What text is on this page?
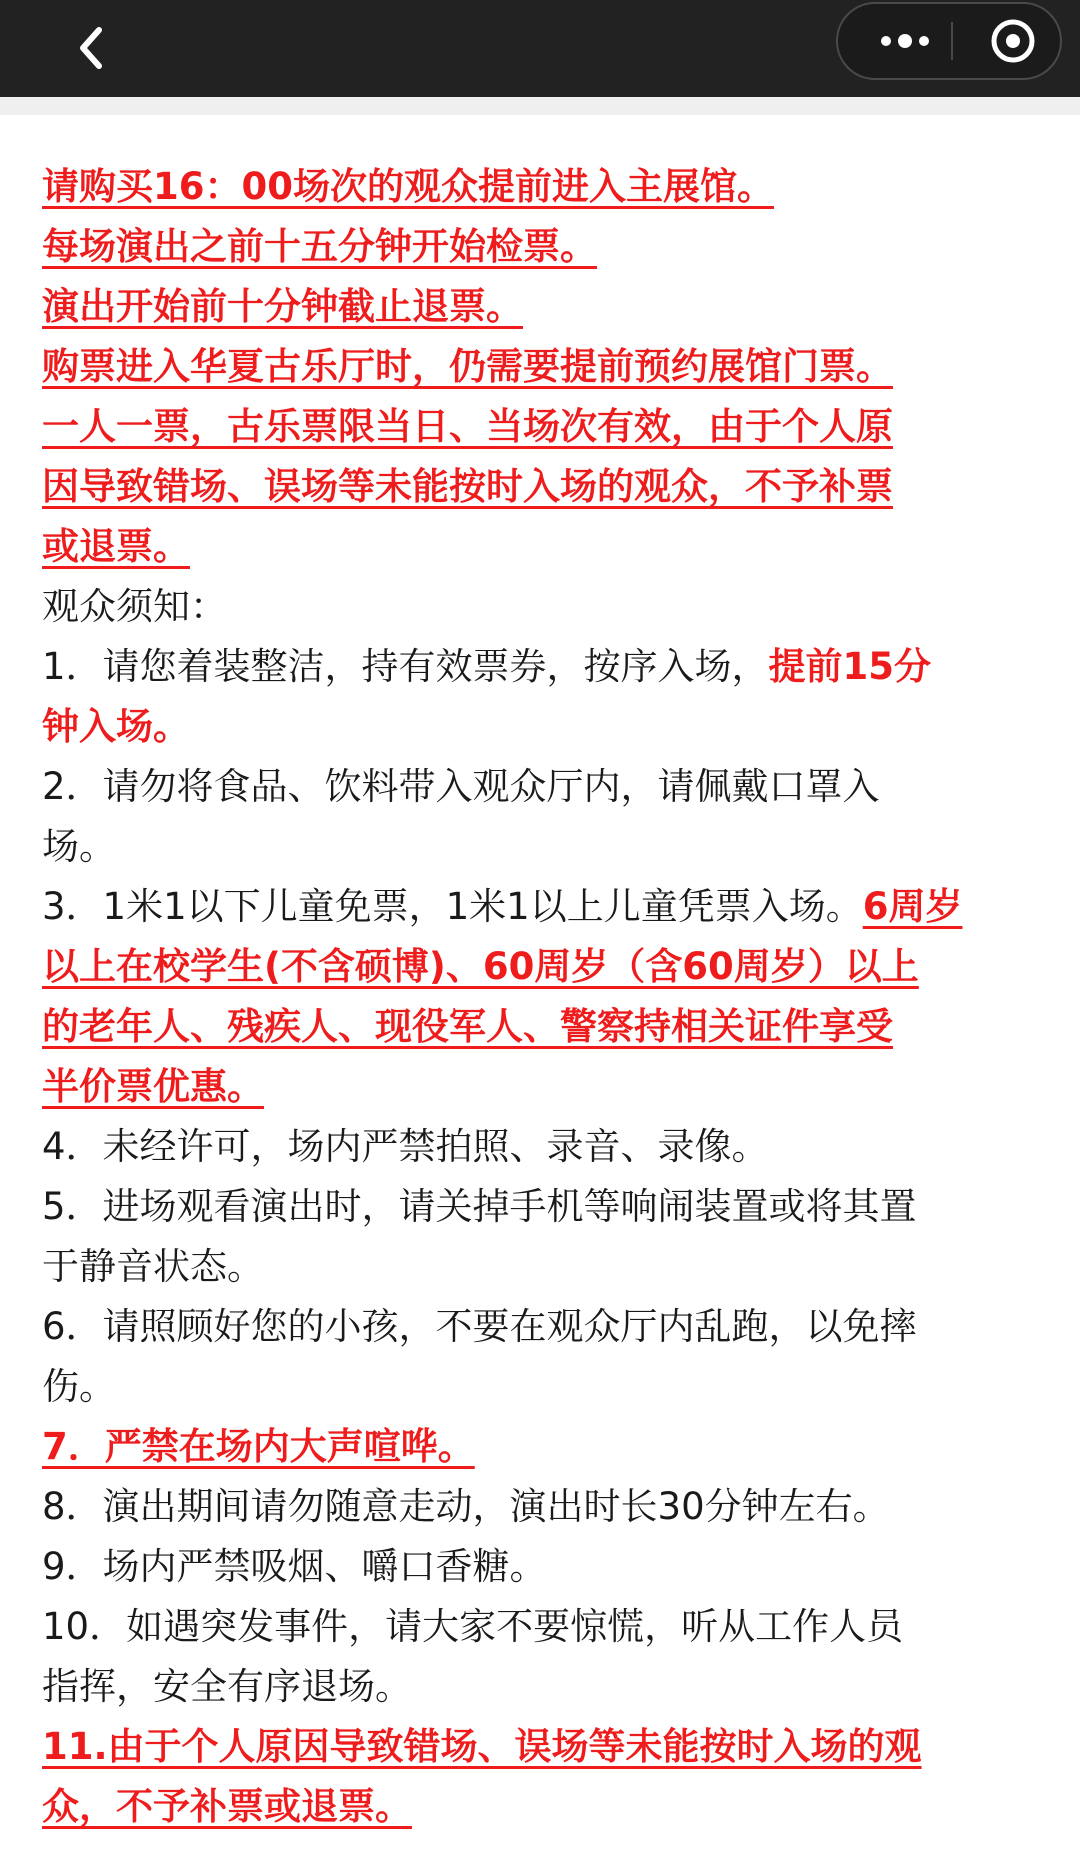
请购买16：00场次的观众提前进入主展馆。
每场演出之前十五分钟开始检票。
演出开始前十分钟截止退票。
购票进入华夏古乐厅时，仍需要提前预约展馆门票。
一人一票，古乐票限当日、当场次有效，由于个人原
因导致错场、误场等未能按时入场的观众，不予补票
或退票。
观众须知：
1．请您着装整洁，持有效票券，按序入场，提前15分
钟入场。
2．请勿将食品、饮料带入观众厅内，请佩戴口罩入
场。
3．1米1以下儿童免票，1米1以上儿童凭票入场。6周岁
以上在校学生(不含硕博)、60周岁（含60周岁）以上
的老年人、残疾人、现役军人、警察持相关证件享受
半价票优惠。
4．未经许可，场内严禁拍照、录音、录像。
5．进场观看演出时，请关掉手机等响闹装置或将其置
于静音状态。
6．请照顾好您的小孩，不要在观众厅内乱跑，以免摔
伤。
7．严禁在场内大声喧哗。
8．演出期间请勿随意走动，演出时长30分钟左右。
9．场内严禁吸烟、嚼口香糖。
10．如遇突发事件，请大家不要惊慌，听从工作人员
指挥，安全有序退场。
11.由于个人原因导致错场、误场等未能按时入场的观
众，不予补票或退票。
